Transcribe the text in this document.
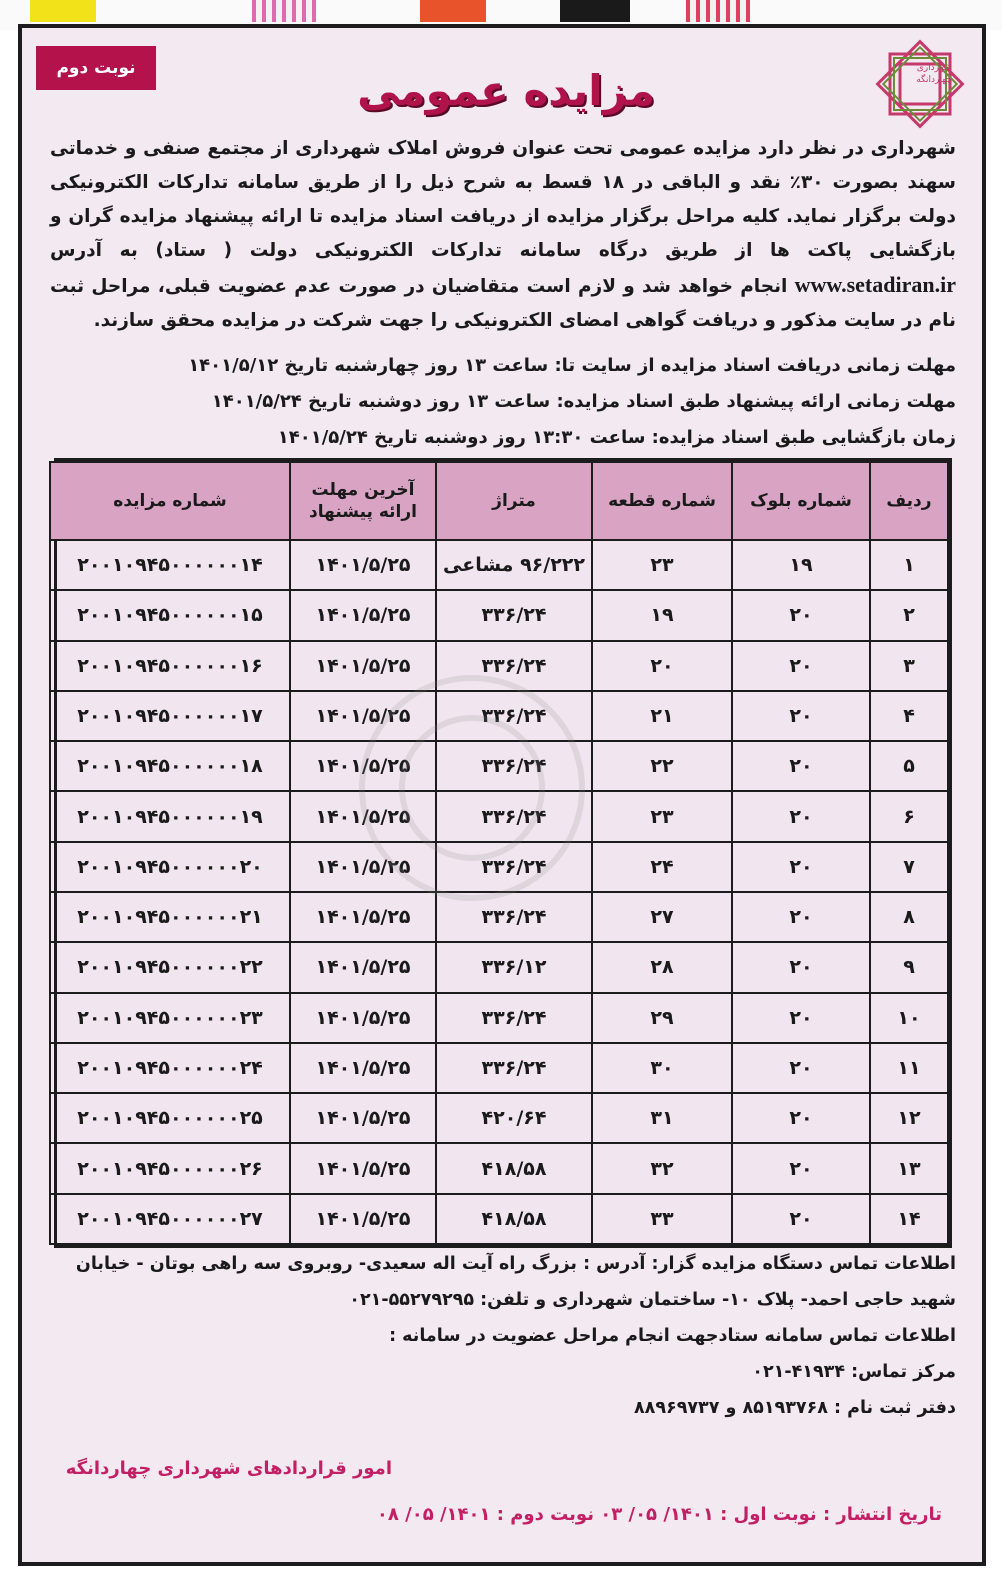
نوبت دوم	شهرداری چهاردانگه
مزایده عمومی

شهرداری در نظر دارد مزایده عمومی تحت عنوان فروش املاک شهرداری از مجتمع صنفی و خدماتی سهند بصورت ۳۰٪ نقد و الباقی در ۱۸ قسط به شرح ذیل را از طریق سامانه تدارکات الکترونیکی دولت برگزار نماید. کلیه مراحل برگزار مزایده از دریافت اسناد مزایده تا ارائه پیشنهاد مزایده گران و بازگشایی پاکت ها از طریق درگاه سامانه تدارکات الکترونیکی دولت ( ستاد) به آدرس www.setadiran.ir انجام خواهد شد و لازم است متقاضیان در صورت عدم عضویت قبلی، مراحل ثبت نام در سایت مذکور و دریافت گواهی امضای الکترونیکی را جهت شرکت در مزایده محقق سازند.

مهلت زمانی دریافت اسناد مزایده از سایت تا: ساعت ۱۳ روز چهارشنبه تاریخ ۱۴۰۱/۵/۱۲
مهلت زمانی ارائه پیشنهاد طبق اسناد مزایده: ساعت ۱۳ روز دوشنبه تاریخ ۱۴۰۱/۵/۲۴
زمان بازگشایی طبق اسناد مزایده: ساعت ۱۳:۳۰ روز دوشنبه تاریخ ۱۴۰۱/۵/۲۴
ردیف	شماره بلوک	شماره قطعه	متراژ	آخرین مهلت ارائه پیشنهاد	شماره مزایده
۱	۱۹	۲۳	۹۶/۲۲۲ مشاعی	۱۴۰۱/۵/۲۵	۲۰۰۱۰۹۴۵۰۰۰۰۰۰۱۴
۲	۲۰	۱۹	۳۳۶/۲۴	۱۴۰۱/۵/۲۵	۲۰۰۱۰۹۴۵۰۰۰۰۰۰۱۵
۳	۲۰	۲۰	۳۳۶/۲۴	۱۴۰۱/۵/۲۵	۲۰۰۱۰۹۴۵۰۰۰۰۰۰۱۶
۴	۲۰	۲۱	۳۳۶/۲۴	۱۴۰۱/۵/۲۵	۲۰۰۱۰۹۴۵۰۰۰۰۰۰۱۷
۵	۲۰	۲۲	۳۳۶/۲۴	۱۴۰۱/۵/۲۵	۲۰۰۱۰۹۴۵۰۰۰۰۰۰۱۸
۶	۲۰	۲۳	۳۳۶/۲۴	۱۴۰۱/۵/۲۵	۲۰۰۱۰۹۴۵۰۰۰۰۰۰۱۹
۷	۲۰	۲۴	۳۳۶/۲۴	۱۴۰۱/۵/۲۵	۲۰۰۱۰۹۴۵۰۰۰۰۰۰۲۰
۸	۲۰	۲۷	۳۳۶/۲۴	۱۴۰۱/۵/۲۵	۲۰۰۱۰۹۴۵۰۰۰۰۰۰۲۱
۹	۲۰	۲۸	۳۳۶/۱۲	۱۴۰۱/۵/۲۵	۲۰۰۱۰۹۴۵۰۰۰۰۰۰۲۲
۱۰	۲۰	۲۹	۳۳۶/۲۴	۱۴۰۱/۵/۲۵	۲۰۰۱۰۹۴۵۰۰۰۰۰۰۲۳
۱۱	۲۰	۳۰	۳۳۶/۲۴	۱۴۰۱/۵/۲۵	۲۰۰۱۰۹۴۵۰۰۰۰۰۰۲۴
۱۲	۲۰	۳۱	۴۲۰/۶۴	۱۴۰۱/۵/۲۵	۲۰۰۱۰۹۴۵۰۰۰۰۰۰۲۵
۱۳	۲۰	۳۲	۴۱۸/۵۸	۱۴۰۱/۵/۲۵	۲۰۰۱۰۹۴۵۰۰۰۰۰۰۲۶
۱۴	۲۰	۳۳	۴۱۸/۵۸	۱۴۰۱/۵/۲۵	۲۰۰۱۰۹۴۵۰۰۰۰۰۰۲۷

اطلاعات تماس دستگاه مزایده گزار: آدرس : بزرگ راه آیت اله سعیدی- روبروی سه راهی بوتان - خیابان شهید حاجی احمد- پلاک ۱۰- ساختمان شهرداری و تلفن: ۰۲۱-۵۵۲۷۹۲۹۵

اطلاعات تماس سامانه ستادجهت انجام مراحل عضویت در سامانه :

مرکز تماس: ۴۱۹۳۴-۰۲۱

دفتر ثبت نام : ۸۵۱۹۳۷۶۸ و ۸۸۹۶۹۷۳۷

امور قراردادهای شهرداری چهاردانگه
تاریخ انتشار : نوبت اول : ۱۴۰۱/ ۰۵/ ۰۳ نوبت دوم : ۱۴۰۱/ ۰۵/ ۰۸
